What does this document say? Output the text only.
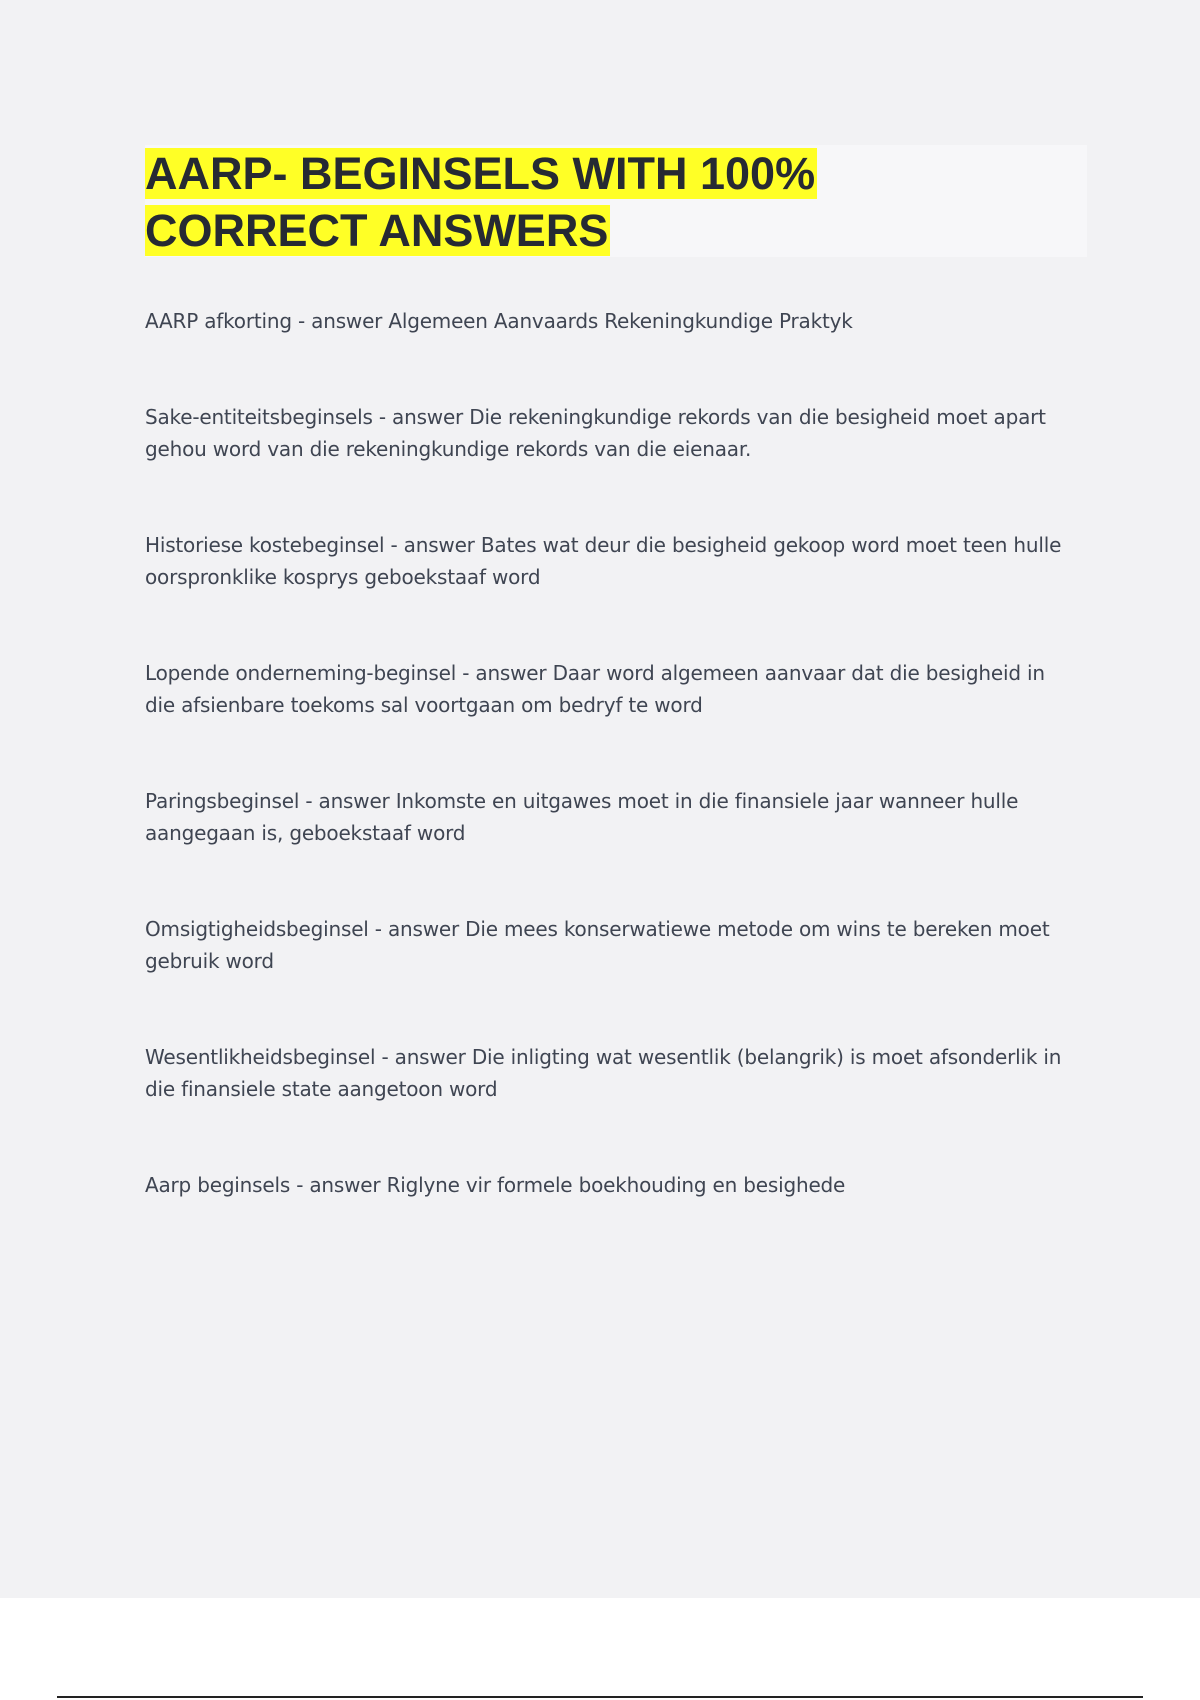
AARP- BEGINSELS WITH 100%
CORRECT ANSWERS
AARP afkorting - answer Algemeen Aanvaards Rekeningkundige Praktyk
Sake-entiteitsbeginsels - answer Die rekeningkundige rekords van die besigheid moet apart gehou word van die rekeningkundige rekords van die eienaar.
Historiese kostebeginsel - answer Bates wat deur die besigheid gekoop word moet teen hulle oorspronklike kosprys geboekstaaf word
Lopende onderneming-beginsel - answer Daar word algemeen aanvaar dat die besigheid in die afsienbare toekoms sal voortgaan om bedryf te word
Paringsbeginsel - answer Inkomste en uitgawes moet in die finansiele jaar wanneer hulle aangegaan is, geboekstaaf word
Omsigtigheidsbeginsel - answer Die mees konserwatiewe metode om wins te bereken moet gebruik word
Wesentlikheidsbeginsel - answer Die inligting wat wesentlik (belangrik) is moet afsonderlik in die finansiele state aangetoon word
Aarp beginsels - answer Riglyne vir formele boekhouding en besighede
